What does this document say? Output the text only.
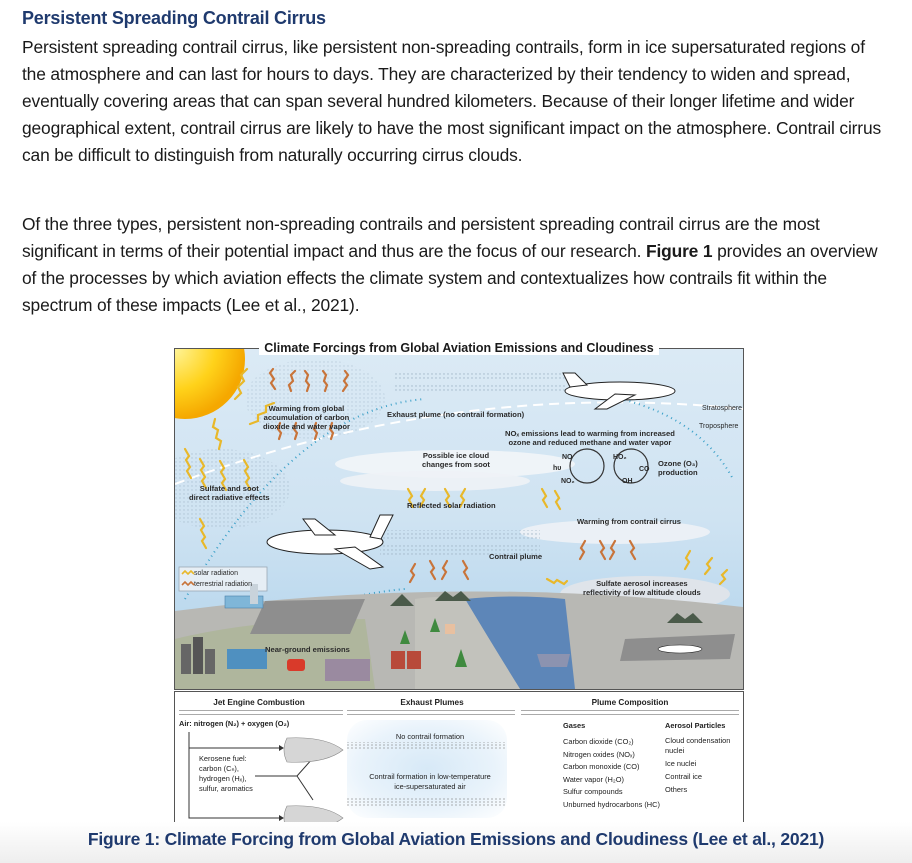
Persistent Spreading Contrail Cirrus
Persistent spreading contrail cirrus, like persistent non-spreading contrails, form in ice supersaturated regions of the atmosphere and can last for hours to days. They are characterized by their tendency to widen and spread, eventually covering areas that can span several hundred kilometers. Because of their longer lifetime and wider geographical extent, contrail cirrus are likely to have the most significant impact on the atmosphere. Contrail cirrus can be difficult to distinguish from naturally occurring cirrus clouds.
Of the three types, persistent non-spreading contrails and persistent spreading contrail cirrus are the most significant in terms of their potential impact and thus are the focus of our research. Figure 1 provides an overview of the processes by which aviation effects the climate system and contextualizes how contrails fit within the spectrum of these impacts (Lee et al., 2021).
Climate Forcings from Global Aviation Emissions and Cloudiness
Warming from global
accumulation of carbon
dioxide and water vapor
Exhaust plume (no contrail formation)
Stratosphere
Troposphere
NOₓ emissions lead to warming from increased
ozone and reduced methane and water vapor
Possible ice cloud
changes from soot
NO
NO₂
hυ
HO₂
CO
OH
Ozone (O₃)
production
Sulfate and soot
direct radiative effects
Reflected solar radiation
Warming from contrail cirrus
Contrail plume
solar radiation
terrestrial radiation	Sulfate aerosol increases
reflectivity of low altitude clouds
Near-ground emissions
Jet Engine Combustion	Exhaust Plumes	Plume Composition
Air: nitrogen (N₂) + oxygen (O₂)
Kerosene fuel:
carbon (Cₙ),
hydrogen (Hₓ),
sulfur, aromatics
No contrail formation
Contrail formation in low-temperature
ice-supersaturated air
Gases
Carbon dioxide (CO₂)
Nitrogen oxides (NOₓ)
Carbon monoxide (CO)
Water vapor (H₂O)
Sulfur compounds
Unburned hydrocarbons (HC)
Aerosol Particles
Cloud condensation
nuclei
Ice nuclei
Contrail ice
Others
Figure 1: Climate Forcing from Global Aviation Emissions and Cloudiness (Lee et al., 2021)
